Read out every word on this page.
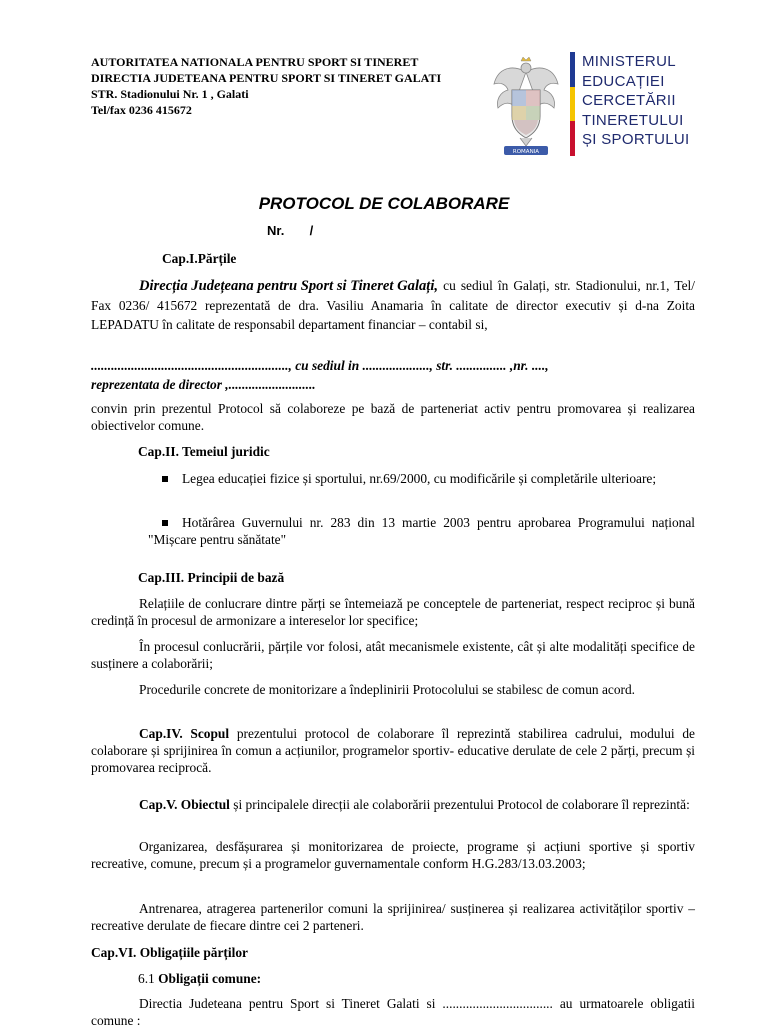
AUTORITATEA NATIONALA PENTRU SPORT SI TINERET
DIRECTIA JUDETEANA PENTRU SPORT SI TINERET GALATI
STR. Stadionului Nr. 1 , Galati
Tel/fax 0236 415672
ROMANIA
MINISTERUL
EDUCAȚIEI
CERCETĂRII
TINERETULUI
ȘI SPORTULUI
PROTOCOL DE COLABORARE
Nr.       /
Cap.I.Părțile
Direcția Județeana pentru Sport si Tineret Galați, cu sediul în Galați, str. Stadionului, nr.1, Tel/ Fax 0236/ 415672 reprezentată de dra. Vasiliu Anamaria în calitate de director executiv și d-na Zoita LEPADATU în calitate de responsabil departament financiar – contabil si,
..........................................................., cu sediul in ...................., str. ............... ,nr. ....,
reprezentata de director ,..........................
convin prin prezentul Protocol să colaboreze pe bază de parteneriat activ pentru promovarea și realizarea obiectivelor comune.
Cap.II. Temeiul juridic
Legea educației fizice și sportului, nr.69/2000, cu modificările și completările ulterioare;
Hotărârea Guvernului nr. 283 din 13 martie 2003 pentru aprobarea Programului național "Mișcare pentru sănătate"
Cap.III. Principii de bază
Relațiile de conlucrare dintre părți se întemeiază pe conceptele de parteneriat, respect reciproc și bună credință în procesul de armonizare a intereselor lor specifice;
În procesul conlucrării, părțile vor folosi, atât mecanismele existente, cât și alte modalități specifice de susținere a colaborării;
Procedurile concrete de monitorizare a îndeplinirii Protocolului se stabilesc de comun acord.
Cap.IV. Scopul prezentului protocol de colaborare îl reprezintă stabilirea cadrului, modului de colaborare și sprijinirea în comun a acțiunilor, programelor sportiv- educative derulate de cele 2 părți, precum și promovarea reciprocă.
Cap.V. Obiectul și principalele direcții ale colaborării prezentului Protocol de colaborare îl reprezintă:
Organizarea, desfășurarea și monitorizarea de proiecte, programe și acțiuni sportive și sportiv recreative, comune, precum și a programelor guvernamentale conform H.G.283/13.03.2003;
Antrenarea, atragerea partenerilor comuni la sprijinirea/ susținerea și realizarea activităților sportiv – recreative derulate de fiecare dintre cei 2 parteneri.
Cap.VI. Obligațiile părților
6.1 Obligații comune:
Directia Judeteana pentru Sport si Tineret Galati si ................................. au urmatoarele obligatii comune :
